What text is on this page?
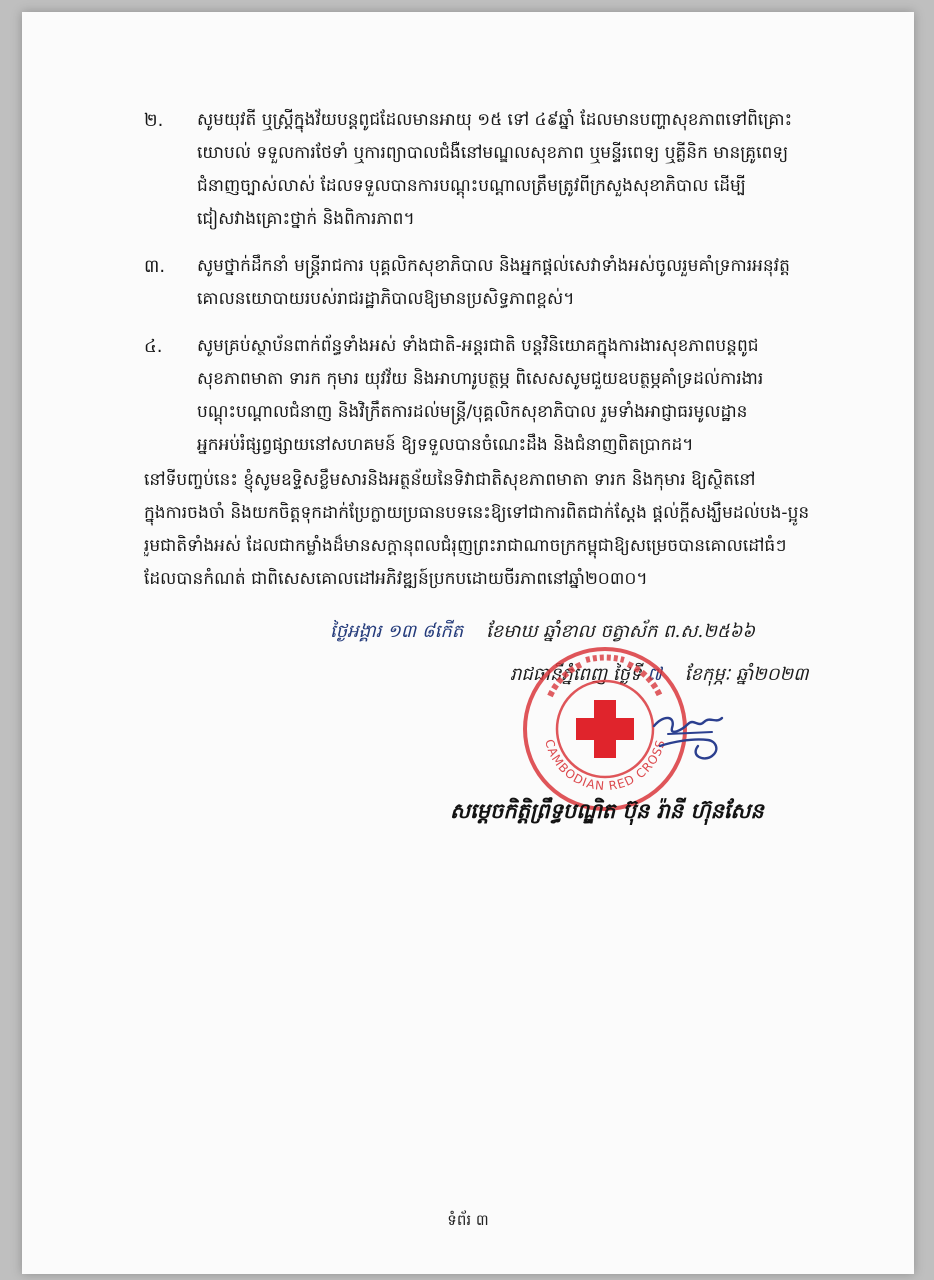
២. សូមយុវតី ឬស្ត្រីក្នុងវ័យបន្តពូជដែលមានអាយុ ១៥ ទៅ ៤៩ឆ្នាំ ដែលមានបញ្ហាសុខភាពទៅពិគ្រោះ
យោបល់ ទទួលការថែទាំ ឬការព្យាបាលជំងឺនៅមណ្ឌលសុខភាព ឬមន្ទីរពេទ្យ ឬគ្លីនិក មានគ្រូពេទ្យ
ជំនាញច្បាស់លាស់ ដែលទទួលបានការបណ្តុះបណ្តាលត្រឹមត្រូវពីក្រសួងសុខាភិបាល ដើម្បី
ជៀសវាងគ្រោះថ្នាក់ និងពិការភាព។
៣. សូមថ្នាក់ដឹកនាំ មន្ត្រីរាជការ បុគ្គលិកសុខាភិបាល និងអ្នកផ្តល់សេវាទាំងអស់ចូលរួមគាំទ្រការអនុវត្ត
គោលនយោបាយរបស់រាជរដ្ឋាភិបាលឱ្យមានប្រសិទ្ធភាពខ្ពស់។
៤. សូមគ្រប់ស្ថាប័នពាក់ព័ន្ធទាំងអស់ ទាំងជាតិ-អន្តរជាតិ បន្តវិនិយោគក្នុងការងារសុខភាពបន្តពូជ
សុខភាពមាតា ទារក កុមារ យុវវ័យ និងអាហារូបត្ថម្ភ ពិសេសសូមជួយឧបត្ថម្ភគាំទ្រដល់ការងារ
បណ្តុះបណ្តាលជំនាញ និងវិក្រឹតការដល់មន្ត្រី/បុគ្គលិកសុខាភិបាល រួមទាំងអាជ្ញាធរមូលដ្ឋាន
អ្នកអប់រំផ្សព្វផ្សាយនៅសហគមន៍ ឱ្យទទួលបានចំណេះដឹង និងជំនាញពិតប្រាកដ។
នៅទីបញ្ចប់នេះ ខ្ញុំសូមឧទ្ទិសខ្លឹមសារនិងអត្ថន័យនៃទិវាជាតិសុខភាពមាតា ទារក និងកុមារ ឱ្យស្ថិតនៅ
ក្នុងការចងចាំ និងយកចិត្តទុកដាក់ប្រែក្លាយប្រធានបទនេះឱ្យទៅជាការពិតជាក់ស្តែង ផ្តល់ក្តីសង្ឃឹមដល់បង-ប្អូន
រួមជាតិទាំងអស់ ដែលជាកម្លាំងដ៏មានសក្តានុពលជំរុញព្រះរាជាណាចក្រកម្ពុជាឱ្យសម្រេចបានគោលដៅធំៗ
ដែលបានកំណត់ ជាពិសេសគោលដៅអភិវឌ្ឍន៍ប្រកបដោយចីរភាពនៅឆ្នាំ២០៣០។
ថ្ងៃអង្គារ ១៣ ៨កើត ខែមាឃ ឆ្នាំខាល ចត្វាស័ក ព.ស.២៥៦៦
រាជធានីភ្នំពេញ ថ្ងៃទី ៧ ខែកុម្ភៈ ឆ្នាំ២០២៣
CAMBODIAN RED CROSS
សម្តេចកិត្តិព្រឹទ្ធបណ្ឌិត ប៊ុន រ៉ានី ហ៊ុនសែន
ទំព័រ ៣
